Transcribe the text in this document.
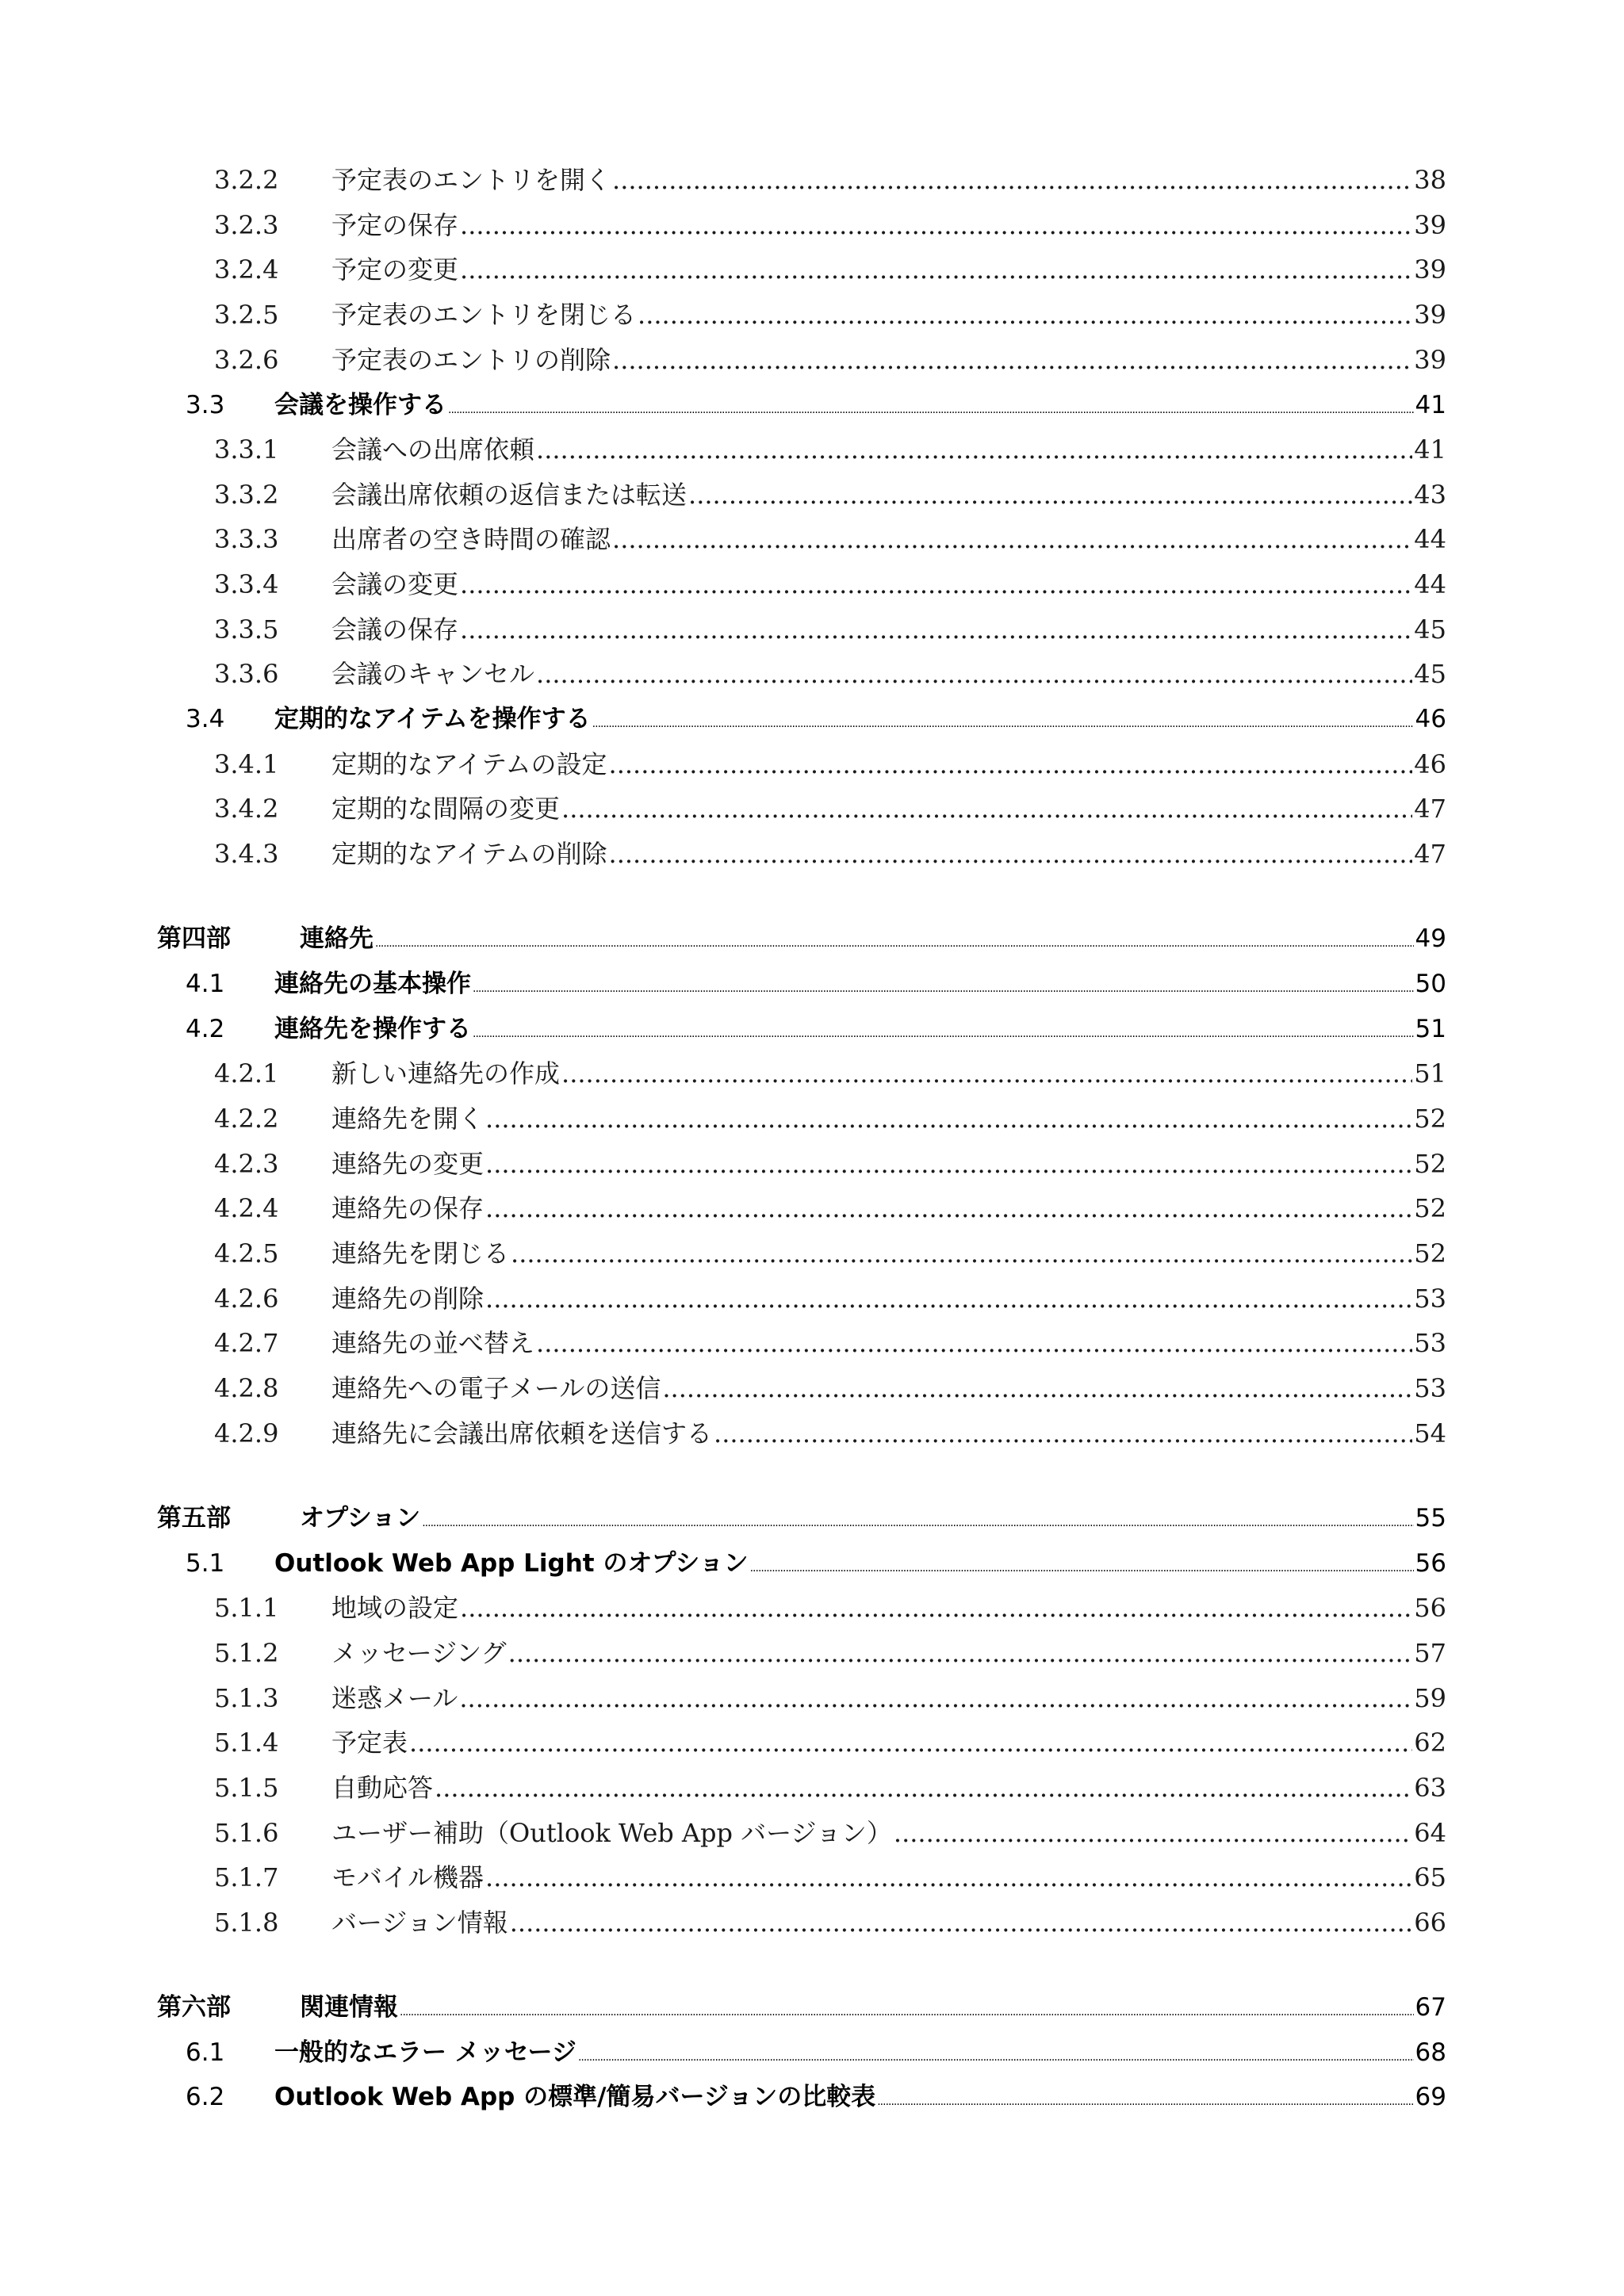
3.2.2	予定表のエントリを開く .....	38
3.2.3	予定の保存 .....	39
3.2.4	予定の変更 .....	39
3.2.5	予定表のエントリを閉じる .....	39
3.2.6	予定表のエントリの削除 .....	39
3.3	会議を操作する .....	41
3.3.1	会議への出席依頼 .....	41
3.3.2	会議出席依頼の返信または転送 .....	43
3.3.3	出席者の空き時間の確認 .....	44
3.3.4	会議の変更 .....	44
3.3.5	会議の保存 .....	45
3.3.6	会議のキャンセル .....	45
3.4	定期的なアイテムを操作する .....	46
3.4.1	定期的なアイテムの設定 .....	46
3.4.2	定期的な間隔の変更 .....	47
3.4.3	定期的なアイテムの削除 .....	47
第四部	連絡先 .....	49
4.1	連絡先の基本操作 .....	50
4.2	連絡先を操作する .....	51
4.2.1	新しい連絡先の作成 .....	51
4.2.2	連絡先を開く .....	52
4.2.3	連絡先の変更 .....	52
4.2.4	連絡先の保存 .....	52
4.2.5	連絡先を閉じる .....	52
4.2.6	連絡先の削除 .....	53
4.2.7	連絡先の並べ替え .....	53
4.2.8	連絡先への電子メールの送信 .....	53
4.2.9	連絡先に会議出席依頼を送信する .....	54
第五部	オプション .....	55
5.1	Outlook Web App Light のオプション .....	56
5.1.1	地域の設定 .....	56
5.1.2	メッセージング .....	57
5.1.3	迷惑メール .....	59
5.1.4	予定表 .....	62
5.1.5	自動応答 .....	63
5.1.6	ユーザー補助（Outlook Web App バージョン） .....	64
5.1.7	モバイル機器 .....	65
5.1.8	バージョン情報 .....	66
第六部	関連情報 .....	67
6.1	一般的なエラー メッセージ .....	68
6.2	Outlook Web App の標準/簡易バージョンの比較表 .....	69
